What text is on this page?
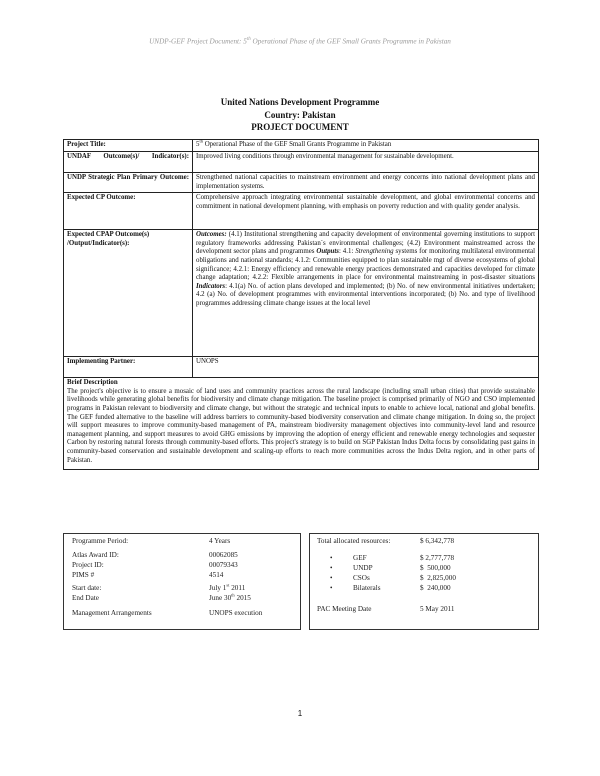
UNDP-GEF Project Document: 5th Operational Phase of the GEF Small Grants Programme in Pakistan
United Nations Development Programme
Country: Pakistan
PROJECT DOCUMENT
Project Title:	5th Operational Phase of the GEF Small Grants Programme in Pakistan
UNDAF Outcome(s)/ Indicator(s):	Improved living conditions through environmental management for sustainable development.
UNDP Strategic Plan Primary Outcome:	Strengthened national capacities to mainstream environment and energy concerns into national development plans and implementation systems.
Expected CP Outcome:	Comprehensive approach integrating environmental sustainable development, and global environmental concerns and commitment in national development planning, with emphasis on poverty reduction and with quality gender analysis.
Expected CPAP Outcome(s) /Output/Indicator(s):	Outcomes: (4.1) Institutional strengthening and capacity development of environmental governing institutions to support regulatory frameworks addressing Pakistan`s environmental challenges; (4.2) Environment mainstreamed across the development sector plans and programmes Outputs: 4.1: Strengthening systems for monitoring multilateral environmental obligations and national standards; 4.1.2: Communities equipped to plan sustainable mgt of diverse ecosystems of global significance; 4.2.1: Energy efficiency and renewable energy practices demonstrated and capacities developed for climate change adaptation; 4.2.2: Flexible arrangements in place for environmental mainstreaming in post-disaster situations Indicators: 4.1(a) No. of action plans developed and implemented; (b) No. of new environmental initiatives undertaken; 4.2 (a) No. of development programmes with environmental interventions incorporated; (b) No. and type of livelihood programmes addressing climate change issues at the local level
Implementing Partner:	UNOPS

Brief Description
The project's objective is to ensure a mosaic of land uses and community practices across the rural landscape (including small urban cities) that provide sustainable livelihoods while generating global benefits for biodiversity and climate change mitigation. The baseline project is comprised primarily of NGO and CSO implemented programs in Pakistan relevant to biodiversity and climate change, but without the strategic and technical inputs to enable to achieve local, national and global benefits. The GEF funded alternative to the baseline will address barriers to community-based biodiversity conservation and climate change mitigation. In doing so, the project will support measures to improve community-based management of PA, mainstream biodiversity management objectives into community-level land and resource management planning, and support measures to avoid GHG emissions by improving the adoption of energy efficient and renewable energy technologies and sequester Carbon by restoring natural forests through community-based efforts. This project's strategy is to build on SGP Pakistan Indus Delta focus by consolidating past gains in community-based conservation and sustainable development and scaling-up efforts to reach more communities across the Indus Delta region, and in other parts of Pakistan.	
Programme Period:	4 Years
Atlas Award ID:	00062085
Project ID:	00079343
PIMS #	4514
Start date:	July 1st 2011
End Date	June 30th 2015
Management Arrangements	UNOPS execution
Total allocated resources:	$ 6,342,778
•	GEF	$ 2,777,778
•	UNDP	$  500,000
•	CSOs	$  2,825,000
•	Bilaterals	$  240,000
PAC Meeting Date	5 May 2011
1
